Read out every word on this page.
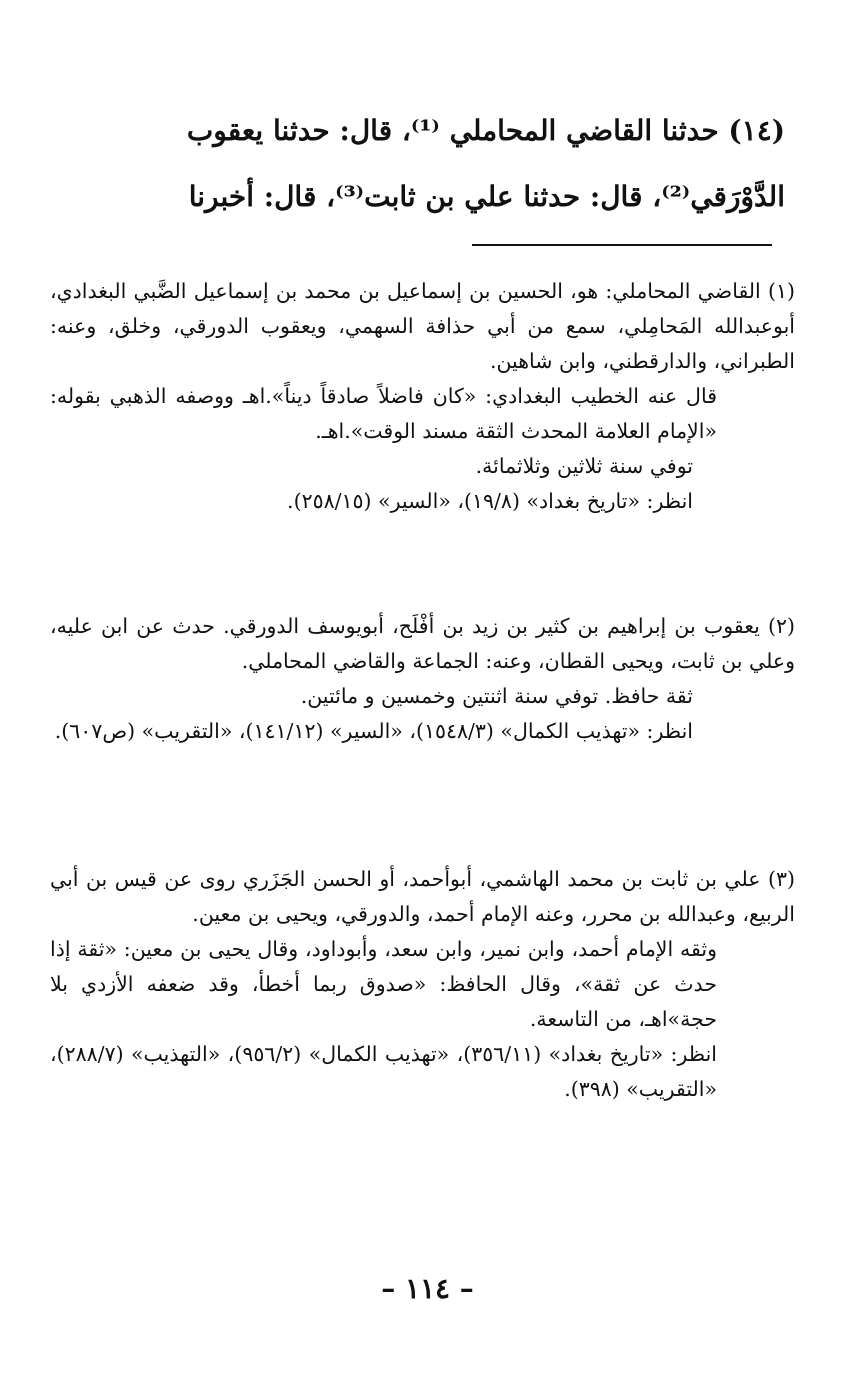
(١٤) حدثنا القاضي المحاملي ⁽¹⁾، قال: حدثنا يعقوب
الدَّوْرَقي⁽²⁾، قال: حدثنا علي بن ثابت⁽³⁾، قال: أخبرنا

(١) القاضي المحاملي: هو، الحسين بن إسماعيل بن محمد بن إسماعيل الضَّبي البغدادي، أبوعبدالله المَحامِلي، سمع من أبي حذافة السهمي، ويعقوب الدورقي، وخلق، وعنه: الطبراني، والدارقطني، وابن شاهين.

قال عنه الخطيب البغدادي: «كان فاضلاً صادقاً ديناً».اهـ ووصفه الذهبي بقوله: «الإمام العلامة المحدث الثقة مسند الوقت».اهـ.

توفي سنة ثلاثين وثلاثمائة.

انظر: «تاريخ بغداد» (١٩/٨)، «السير» (٢٥٨/١٥).

(٢) يعقوب بن إبراهيم بن كثير بن زيد بن أفْلَح، أبويوسف الدورقي. حدث عن ابن عليه، وعلي بن ثابت، ويحيى القطان، وعنه: الجماعة والقاضي المحاملي.

ثقة حافظ. توفي سنة اثنتين وخمسين و مائتين.

انظر: «تهذيب الكمال» (١٥٤٨/٣)، «السير» (١٤١/١٢)، «التقريب» (ص٦٠٧).

(٣) علي بن ثابت بن محمد الهاشمي، أبوأحمد، أو الحسن الجَزَري روى عن قيس بن أبي الربيع، وعبدالله بن محرر، وعنه الإمام أحمد، والدورقي، ويحيى بن معين.

وثقه الإمام أحمد، وابن نمير، وابن سعد، وأبوداود، وقال يحيى بن معين: «ثقة إذا حدث عن ثقة»، وقال الحافظ: «صدوق ربما أخطأ، وقد ضعفه الأزدي بلا حجة»اهـ، من التاسعة.

انظر: «تاريخ بغداد» (٣٥٦/١١)، «تهذيب الكمال» (٩٥٦/٢)، «التهذيب» (٢٨٨/٧)، «التقريب» (٣٩٨).

– ١١٤ –
